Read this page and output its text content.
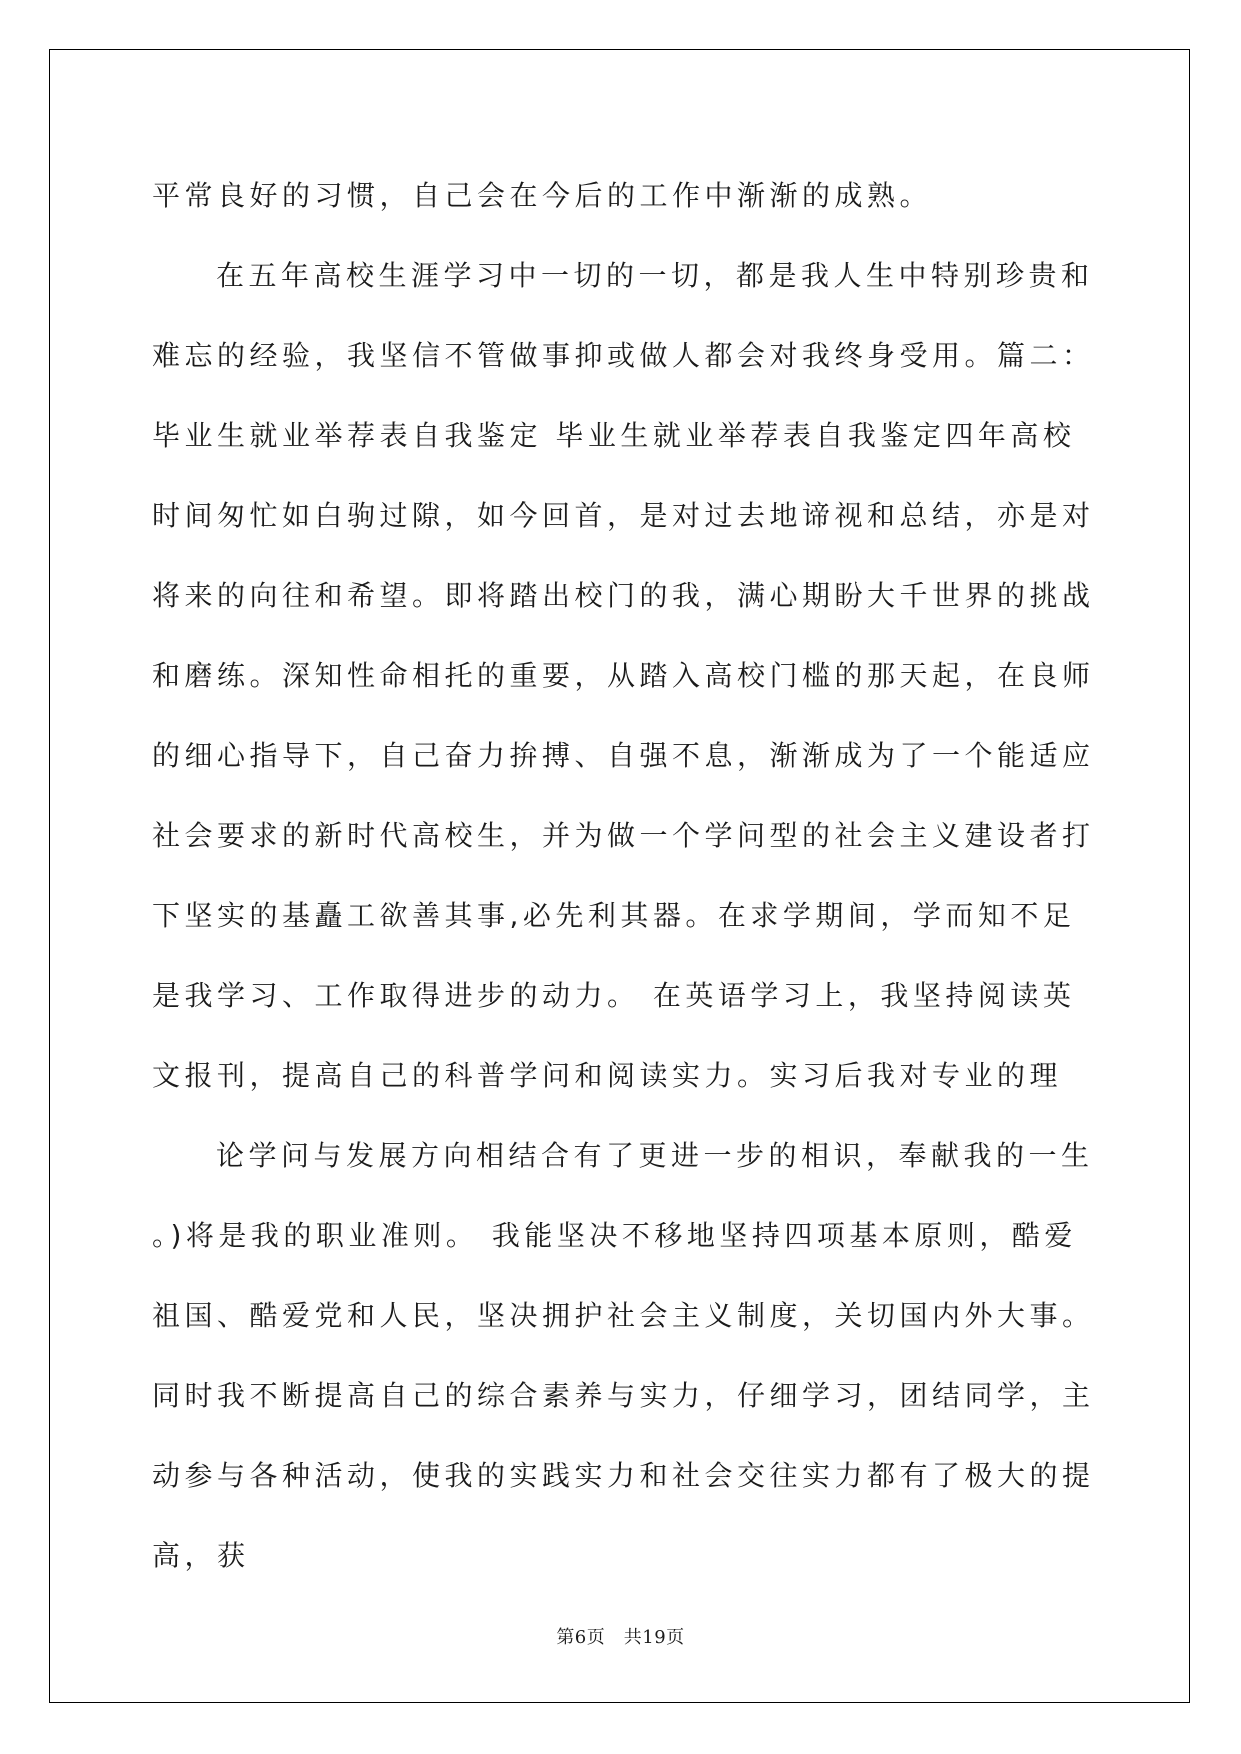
平常良好的习惯，自己会在今后的工作中渐渐的成熟。

在五年高校生涯学习中一切的一切，都是我人生中特别珍贵和难忘的经验，我坚信不管做事抑或做人都会对我终身受用。篇二：毕业生就业举荐表自我鉴定 毕业生就业举荐表自我鉴定四年高校时间匆忙如白驹过隙，如今回首，是对过去地谛视和总结，亦是对将来的向往和希望。即将踏出校门的我，满心期盼大千世界的挑战和磨练。深知性命相托的重要，从踏入高校门槛的那天起，在良师的细心指导下，自己奋力拚搏、自强不息，渐渐成为了一个能适应社会要求的新时代高校生，并为做一个学问型的社会主义建设者打下坚实的基矗工欲善其事,必先利其器。在求学期间，学而知不足是我学习、工作取得进步的动力。 在英语学习上，我坚持阅读英文报刊，提高自己的科普学问和阅读实力。实习后我对专业的理

论学问与发展方向相结合有了更进一步的相识，奉献我的一生 。)将是我的职业准则。 我能坚决不移地坚持四项基本原则，酷爱祖国、酷爱党和人民，坚决拥护社会主义制度，关切国内外大事。同时我不断提高自己的综合素养与实力，仔细学习，团结同学，主动参与各种活动，使我的实践实力和社会交往实力都有了极大的提高，获

第6页　共19页
